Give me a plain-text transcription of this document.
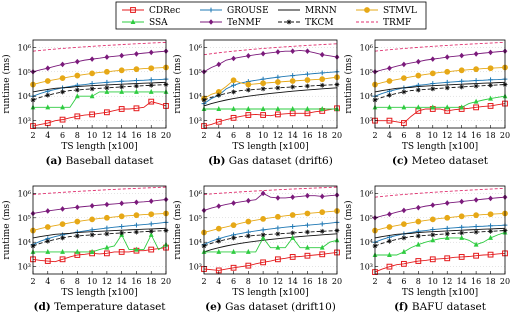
CDRec	GROUSE	MRNN	STMVL
SSA	TeNMF	TKCM	TRMF
10³
10⁴
10⁵
10⁶
2 4 6 8 10 12 14 16 18 20
TS length [x100]
runtime (ms)
(a) Baseball dataset
10³
10⁴
10⁵
10⁶
2 4 6 8 10 12 14 16 18 20
TS length [x100]
runtime (ms)
(b) Gas dataset (drift6)
10³
10⁴
10⁵
10⁶
2 4 6 8 10 12 14 16 18 20
TS length [x100]
runtime (ms)
(c) Meteo dataset
10³
10⁴
10⁵
10⁶
2 4 6 8 10 12 14 16 18 20
TS length [x100]
runtime (ms)
(d) Temperature dataset
10³
10⁴
10⁵
10⁶
2 4 6 8 10 12 14 16 18 20
TS length [x100]
runtime (ms)
(e) Gas dataset (drift10)
10³
10⁴
10⁵
10⁶
2 4 6 8 10 12 14 16 18 20
TS length [x100]
runtime (ms)
(f) BAFU dataset
